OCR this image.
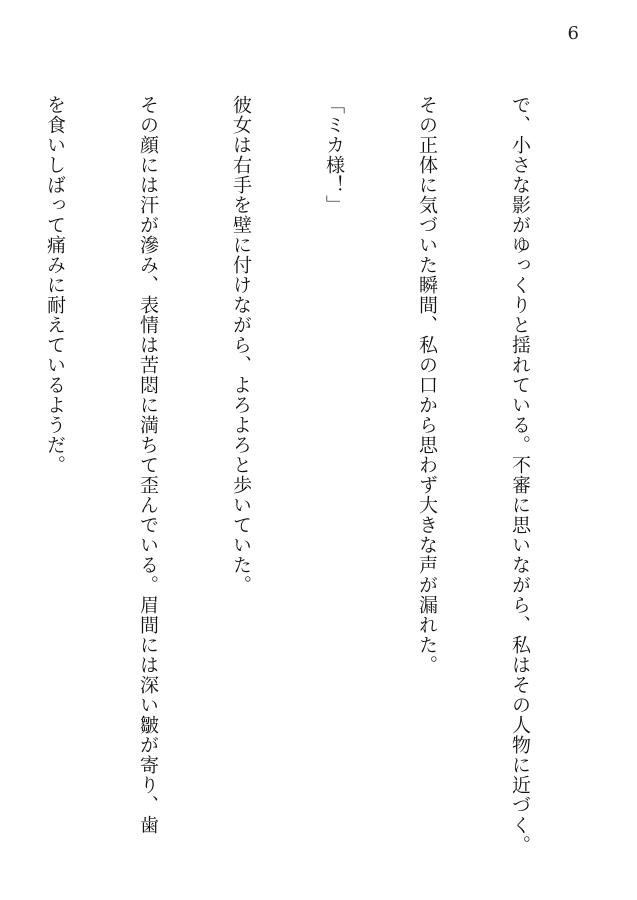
6

で、小さな影がゆっくりと揺れている。不審に思いながら、私はその人物に近づく。

その正体に気づいた瞬間、私の口から思わず大きな声が漏れた。

「ミカ様！」

彼女は右手を壁に付けながら、よろよろと歩いていた。

その顔には汗が滲み、表情は苦悶に満ちて歪んでいる。眉間には深い皺が寄り、歯

を食いしばって痛みに耐えているようだ。
